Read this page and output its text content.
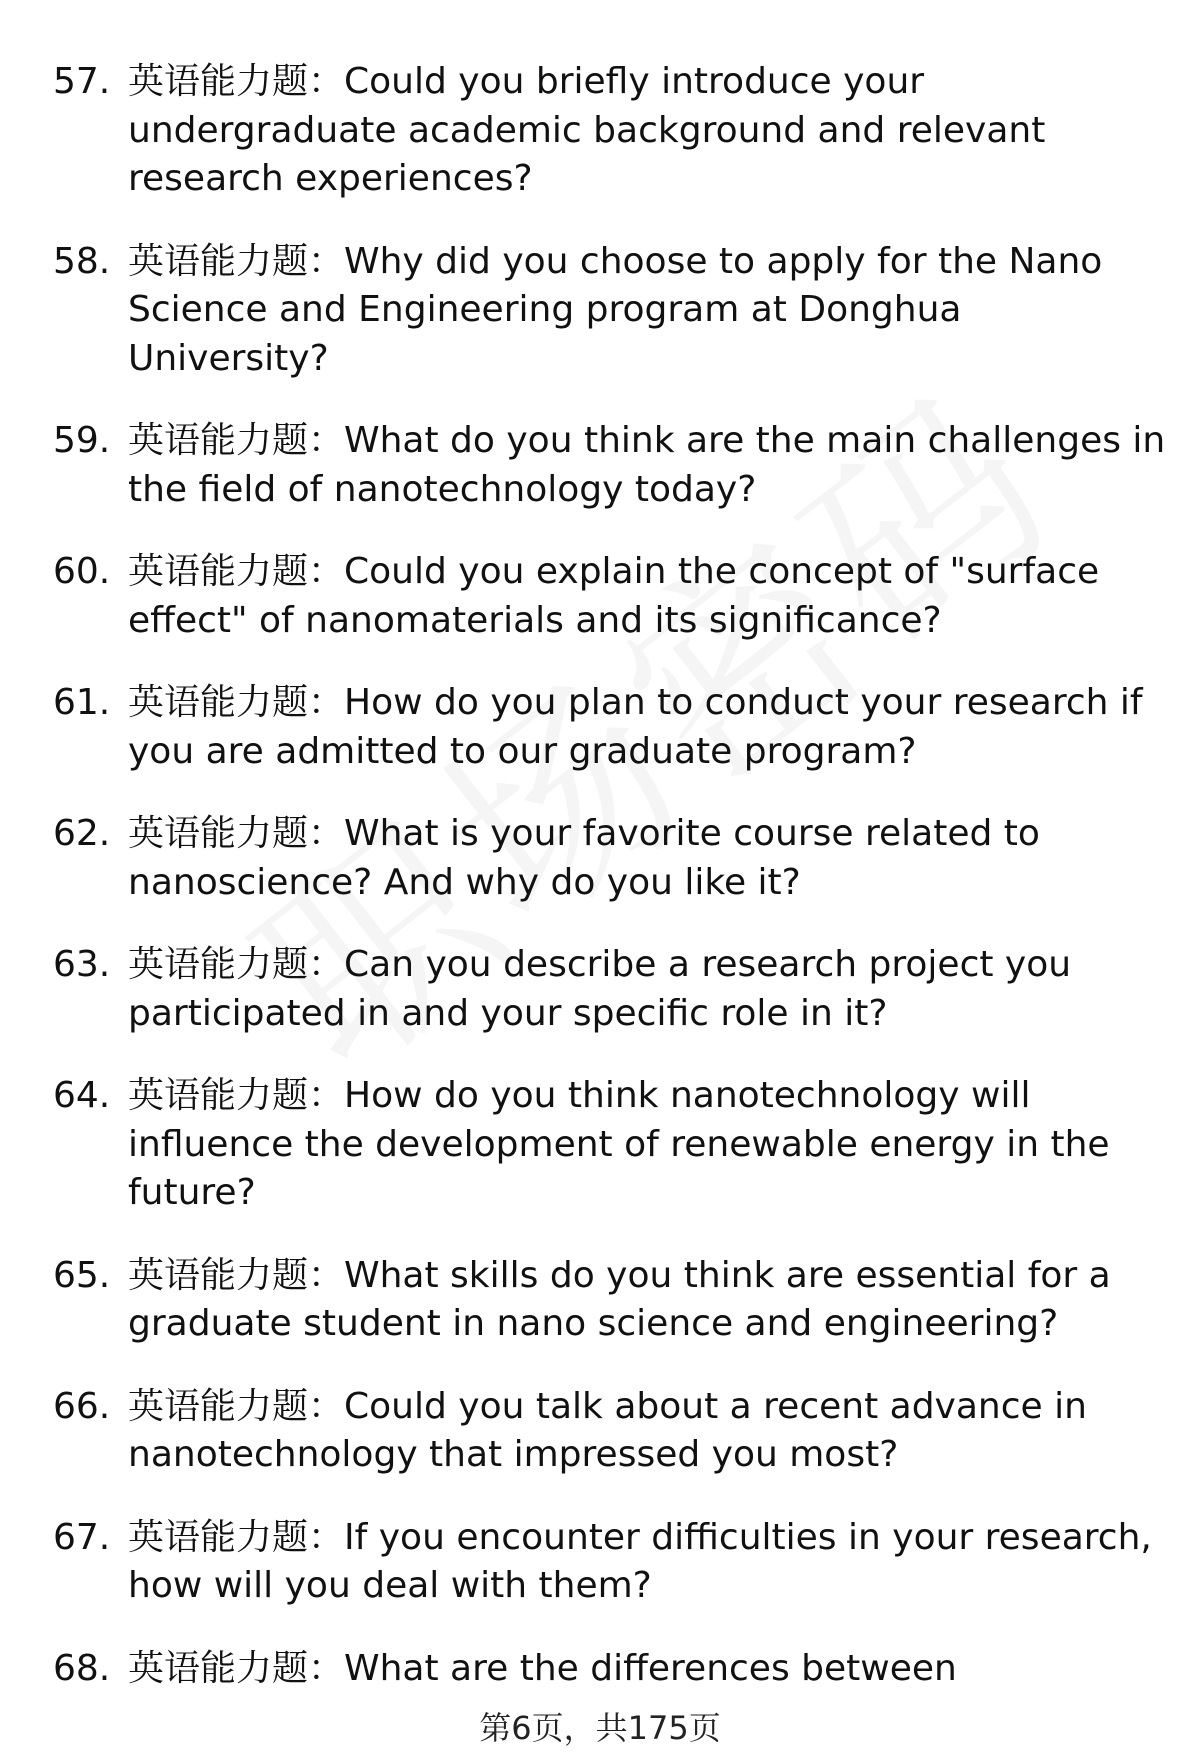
57. 英语能力题：Could you briefly introduce your undergraduate academic background and relevant research experiences?
58. 英语能力题：Why did you choose to apply for the Nano Science and Engineering program at Donghua University?
59. 英语能力题：What do you think are the main challenges in the field of nanotechnology today?
60. 英语能力题：Could you explain the concept of "surface effect" of nanomaterials and its significance?
61. 英语能力题：How do you plan to conduct your research if you are admitted to our graduate program?
62. 英语能力题：What is your favorite course related to nanoscience? And why do you like it?
63. 英语能力题：Can you describe a research project you participated in and your specific role in it?
64. 英语能力题：How do you think nanotechnology will influence the development of renewable energy in the future?
65. 英语能力题：What skills do you think are essential for a graduate student in nano science and engineering?
66. 英语能力题：Could you talk about a recent advance in nanotechnology that impressed you most?
67. 英语能力题：If you encounter difficulties in your research, how will you deal with them?
68. 英语能力题：What are the differences between
第6页，共175页
